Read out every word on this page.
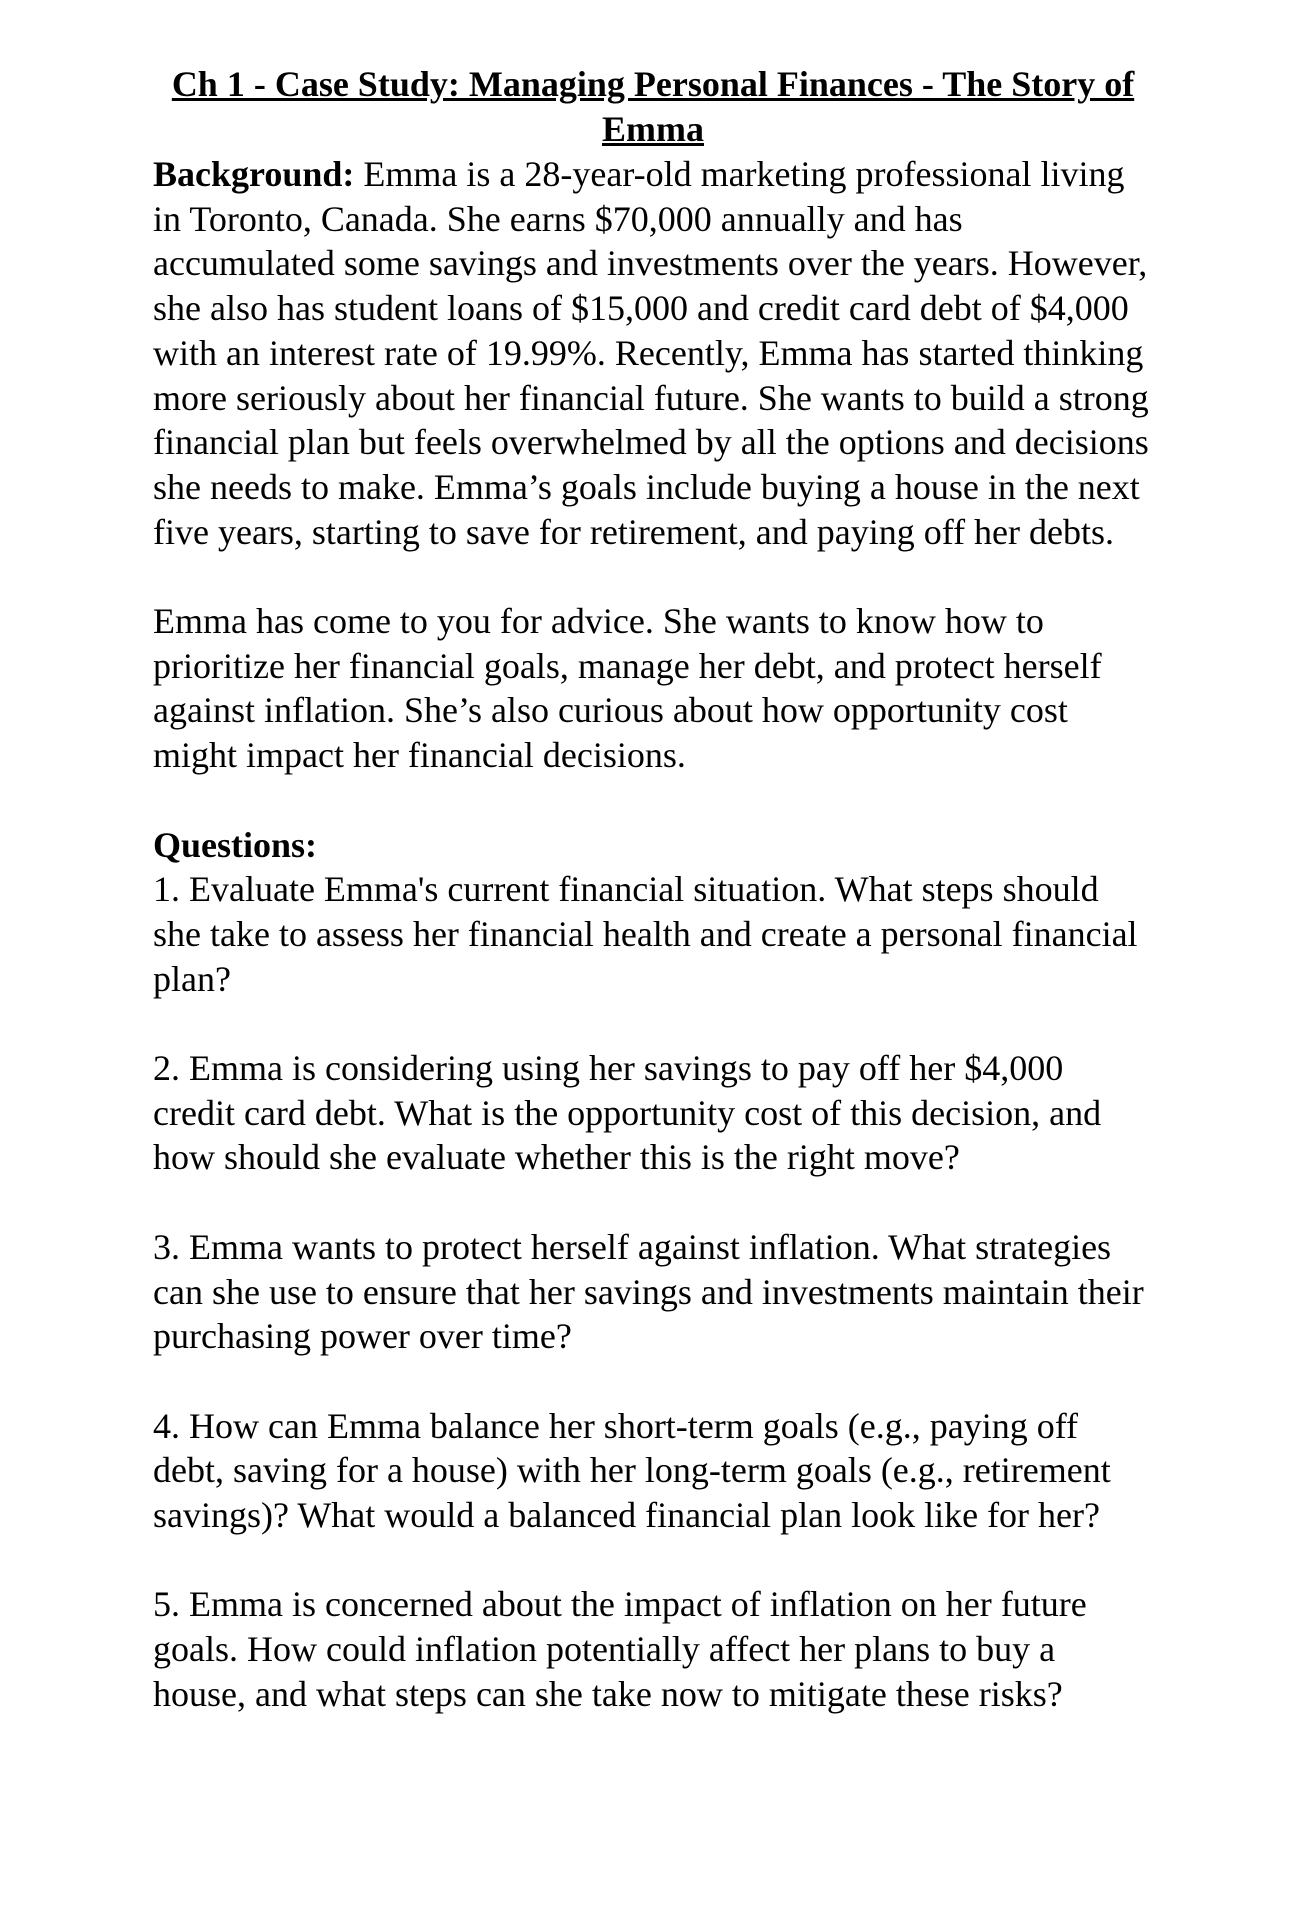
Ch 1 - Case Study: Managing Personal Finances - The Story of Emma

Background: Emma is a 28-year-old marketing professional living in Toronto, Canada. She earns $70,000 annually and has accumulated some savings and investments over the years. However, she also has student loans of $15,000 and credit card debt of $4,000 with an interest rate of 19.99%. Recently, Emma has started thinking more seriously about her financial future. She wants to build a strong financial plan but feels overwhelmed by all the options and decisions she needs to make. Emma’s goals include buying a house in the next five years, starting to save for retirement, and paying off her debts.

Emma has come to you for advice. She wants to know how to prioritize her financial goals, manage her debt, and protect herself against inflation. She’s also curious about how opportunity cost might impact her financial decisions.

Questions:

1. Evaluate Emma's current financial situation. What steps should she take to assess her financial health and create a personal financial plan?

2. Emma is considering using her savings to pay off her $4,000 credit card debt. What is the opportunity cost of this decision, and how should she evaluate whether this is the right move?

3. Emma wants to protect herself against inflation. What strategies can she use to ensure that her savings and investments maintain their purchasing power over time?

4. How can Emma balance her short-term goals (e.g., paying off debt, saving for a house) with her long-term goals (e.g., retirement savings)? What would a balanced financial plan look like for her?

5. Emma is concerned about the impact of inflation on her future goals. How could inflation potentially affect her plans to buy a house, and what steps can she take now to mitigate these risks?
